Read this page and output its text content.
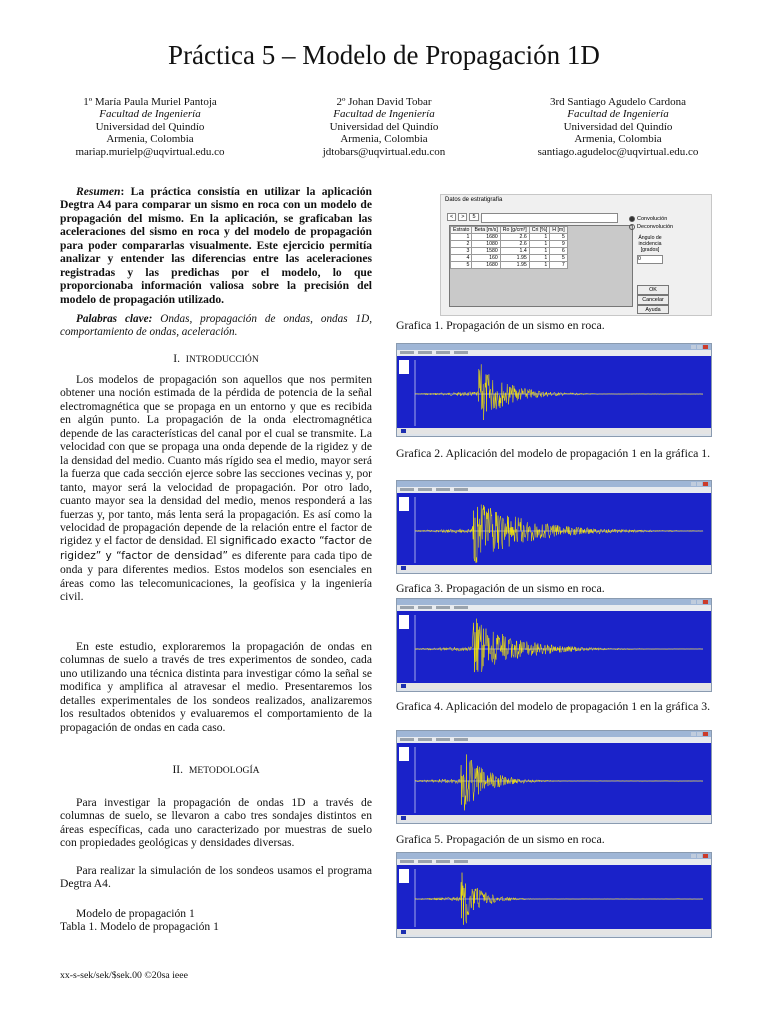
Práctica 5 – Modelo de Propagación 1D
1º María Paula Muriel Pantoja
Facultad de Ingeniería
Universidad del Quindío
Armenia, Colombia
mariap.murielp@uqvirtual.edu.co
2º Johan David Tobar
Facultad de Ingeniería
Universidad del Quindío
Armenia, Colombia
jdtobars@uqvirtual.edu.con
3rd Santiago Agudelo Cardona
Facultad de Ingeniería
Universidad del Quindío
Armenia, Colombia
santiago.agudeloc@uqvirtual.edu.co

Resumen: La práctica consistía en utilizar la aplicación Degtra A4 para comparar un sismo en roca con un modelo de propagación del mismo. En la aplicación, se graficaban las aceleraciones del sismo en roca y del modelo de propagación para poder compararlas visualmente. Este ejercicio permitía analizar y entender las diferencias entre las aceleraciones registradas y las predichas por el modelo, lo que proporcionaba información valiosa sobre la precisión del modelo de propagación utilizado.

Palabras clave: Ondas, propagación de ondas, ondas 1D, comportamiento de ondas, aceleración.

I. INTRODUCCIÓN

Los modelos de propagación son aquellos que nos permiten obtener una noción estimada de la pérdida de potencia de la señal electromagnética que se propaga en un entorno y que es recibida en algún punto. La propagación de la onda electromagnética depende de las características del canal por el cual se transmite. La velocidad con que se propaga una onda depende de la rigidez y de la densidad del medio. Cuanto más rígido sea el medio, mayor será la fuerza que cada sección ejerce sobre las secciones vecinas y, por tanto, mayor será la velocidad de propagación. Por otro lado, cuanto mayor sea la densidad del medio, menos responderá a las fuerzas y, por tanto, más lenta será la propagación. Es así como la velocidad de propagación depende de la relación entre el factor de rigidez y el factor de densidad. El significado exacto “factor de rigidez” y “factor de densidad” es diferente para cada tipo de onda y para diferentes medios. Estos modelos son esenciales en áreas como las telecomunicaciones, la geofísica y la ingeniería civil.

En este estudio, exploraremos la propagación de ondas en columnas de suelo a través de tres experimentos de sondeo, cada uno utilizando una técnica distinta para investigar cómo la señal se modifica y amplifica al atravesar el medio. Presentaremos los detalles experimentales de los sondeos realizados, analizaremos los resultados obtenidos y evaluaremos el comportamiento de la propagación de ondas en cada caso.

II. METODOLOGÍA

Para investigar la propagación de ondas 1D a través de columnas de suelo, se llevaron a cabo tres sondajes distintos en áreas específicas, cada uno caracterizado por muestras de suelo con propiedades geológicas y densidades diversas.

Para realizar la simulación de los sondeos usamos el programa Degtra A4.

Modelo de propagación 1

Tabla 1. Modelo de propagación 1

Datos de estratigrafía
<	>	5
Estrato	Beta [m/s]	Ro [g/cm³]	Cri [%]	H [m]
1	1680	2.6	1	5
2	1080	2.6	1	9
3	1580	1.4	1	6
4	160	1.95	1	5
5	1680	1.95	1	7
Convolución
Deconvolución
Ángulo de incidencia [grados]
0
OK
Cancelar
Ayuda
Grafica 1. Propagación de un sismo en roca.

Grafica 2. Aplicación del modelo de propagación 1 en la gráfica 1.

Grafica 3. Propagación de un sismo en roca.

Grafica 4. Aplicación del modelo de propagación 1 en la gráfica 3.

Grafica 5. Propagación de un sismo en roca.

xx-s-sek/sek/$sek.00 ©20sa ieee
